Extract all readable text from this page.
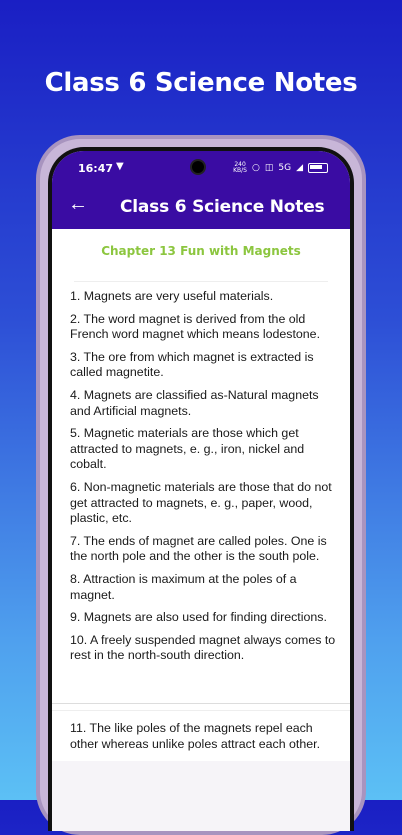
Class 6 Science Notes
16:47 ▼	240
KB/S ○ ◫ 5G ◢
← Class 6 Science Notes
Chapter 13 Fun with Magnets
1. Magnets are very useful materials.
2. The word magnet is derived from the old French word magnet which means lodestone.
3. The ore from which magnet is extracted is called magnetite.
4. Magnets are classified as-Natural magnets and Artificial magnets.
5. Magnetic materials are those which get attracted to magnets, e. g., iron, nickel and cobalt.
6. Non-magnetic materials are those that do not get attracted to magnets, e. g., paper, wood, plastic, etc.
7. The ends of magnet are called poles. One is the north pole and the other is the south pole.
8. Attraction is maximum at the poles of a magnet.
9. Magnets are also used for finding directions.
10. A freely suspended magnet always comes to rest in the north-south direction.
11. The like poles of the magnets repel each other whereas unlike poles attract each other.
